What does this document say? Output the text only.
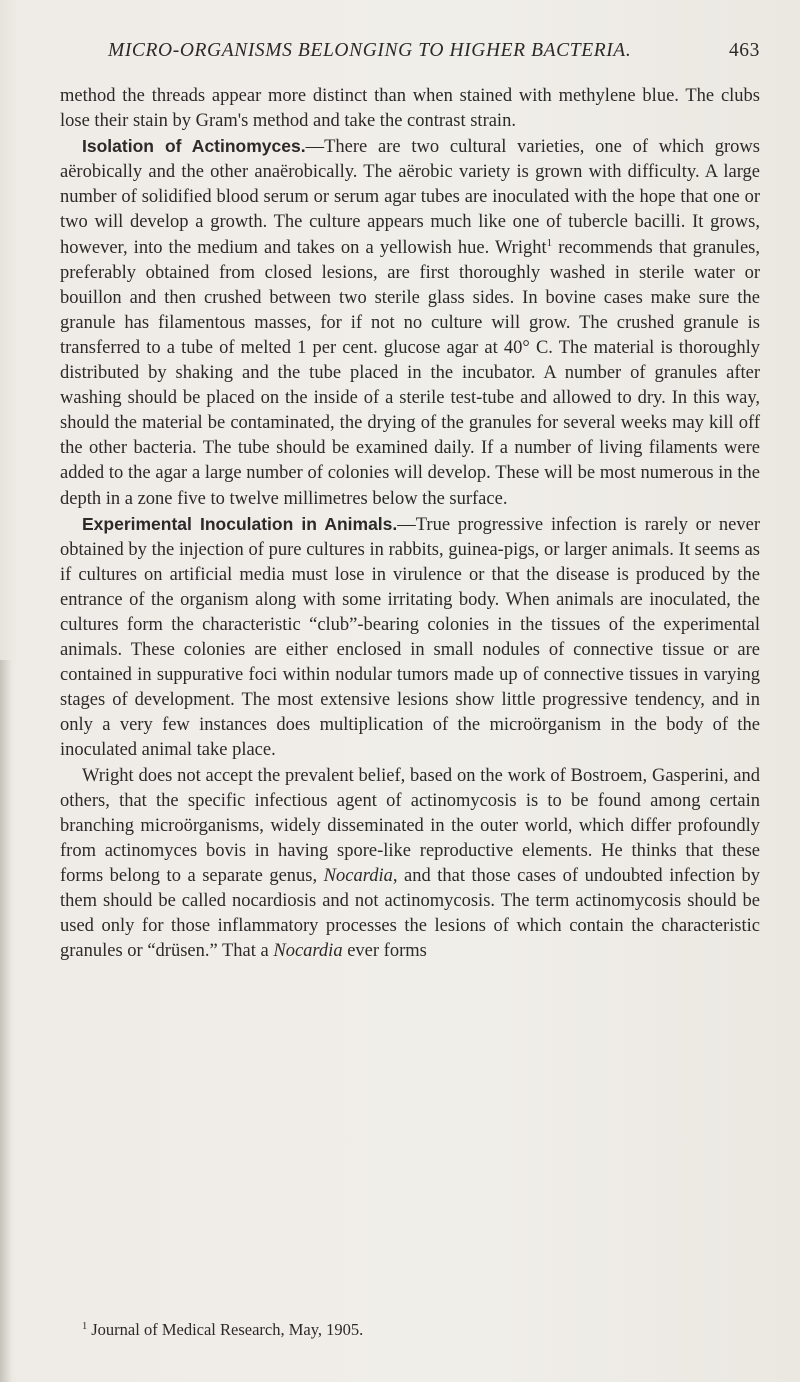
MICRO-ORGANISMS BELONGING TO HIGHER BACTERIA.	463

method the threads appear more distinct than when stained with methylene blue. The clubs lose their stain by Gram's method and take the contrast strain.

Isolation of Actinomyces.—There are two cultural varieties, one of which grows aërobically and the other anaërobically. The aërobic variety is grown with difficulty. A large number of solidified blood serum or serum agar tubes are inoculated with the hope that one or two will develop a growth. The culture appears much like one of tubercle bacilli. It grows, however, into the medium and takes on a yellowish hue. Wright$^1$ recommends that granules, preferably obtained from closed lesions, are first thoroughly washed in sterile water or bouillon and then crushed between two sterile glass sides. In bovine cases make sure the granule has filamentous masses, for if not no culture will grow. The crushed granule is transferred to a tube of melted 1 per cent. glucose agar at 40° C. The material is thoroughly distributed by shaking and the tube placed in the incubator. A number of granules after washing should be placed on the inside of a sterile test-tube and allowed to dry. In this way, should the material be contaminated, the drying of the granules for several weeks may kill off the other bacteria. The tube should be examined daily. If a number of living filaments were added to the agar a large number of colonies will develop. These will be most numerous in the depth in a zone five to twelve millimetres below the surface.

Experimental Inoculation in Animals.—True progressive infection is rarely or never obtained by the injection of pure cultures in rabbits, guinea-pigs, or larger animals. It seems as if cultures on artificial media must lose in virulence or that the disease is produced by the entrance of the organism along with some irritating body. When animals are inoculated, the cultures form the characteristic “club”-bearing colonies in the tissues of the experimental animals. These colonies are either enclosed in small nodules of connective tissue or are contained in suppurative foci within nodular tumors made up of connective tissues in varying stages of development. The most extensive lesions show little progressive tendency, and in only a very few instances does multiplication of the microörganism in the body of the inoculated animal take place.

Wright does not accept the prevalent belief, based on the work of Bostroem, Gasperini, and others, that the specific infectious agent of actinomycosis is to be found among certain branching microörganisms, widely disseminated in the outer world, which differ profoundly from actinomyces bovis in having spore-like reproductive elements. He thinks that these forms belong to a separate genus, Nocardia, and that those cases of undoubted infection by them should be called nocardiosis and not actinomycosis. The term actinomycosis should be used only for those inflammatory processes the lesions of which contain the characteristic granules or “drüsen.” That a Nocardia ever forms

$^1$ Journal of Medical Research, May, 1905.
